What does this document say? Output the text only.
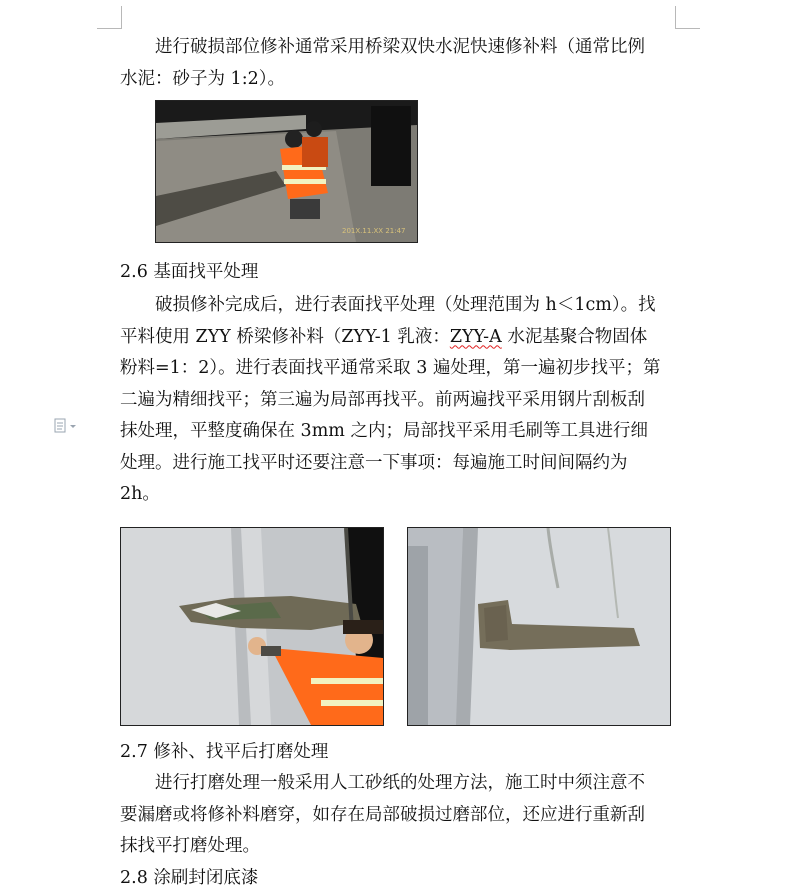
进行破损部位修补通常采用桥梁双快水泥快速修补料（通常比例
水泥：砂子为 1:2）。

201X.11.XX 21:47
2.6 基面找平处理

破损修补完成后，进行表面找平处理（处理范围为 h＜1cm）。找
平料使用 ZYY 桥梁修补料（ZYY-1 乳液：ZYY-A 水泥基聚合物固体
粉料=1：2）。进行表面找平通常采取 3 遍处理，第一遍初步找平；第
二遍为精细找平；第三遍为局部再找平。前两遍找平采用钢片刮板刮
抹处理，平整度确保在 3mm 之内；局部找平采用毛刷等工具进行细
处理。进行施工找平时还要注意一下事项：每遍施工时间间隔约为
2h。

2.7 修补、找平后打磨处理

进行打磨处理一般采用人工砂纸的处理方法，施工时中须注意不
要漏磨或将修补料磨穿，如存在局部破损过磨部位，还应进行重新刮
抹找平打磨处理。

2.8 涂刷封闭底漆
